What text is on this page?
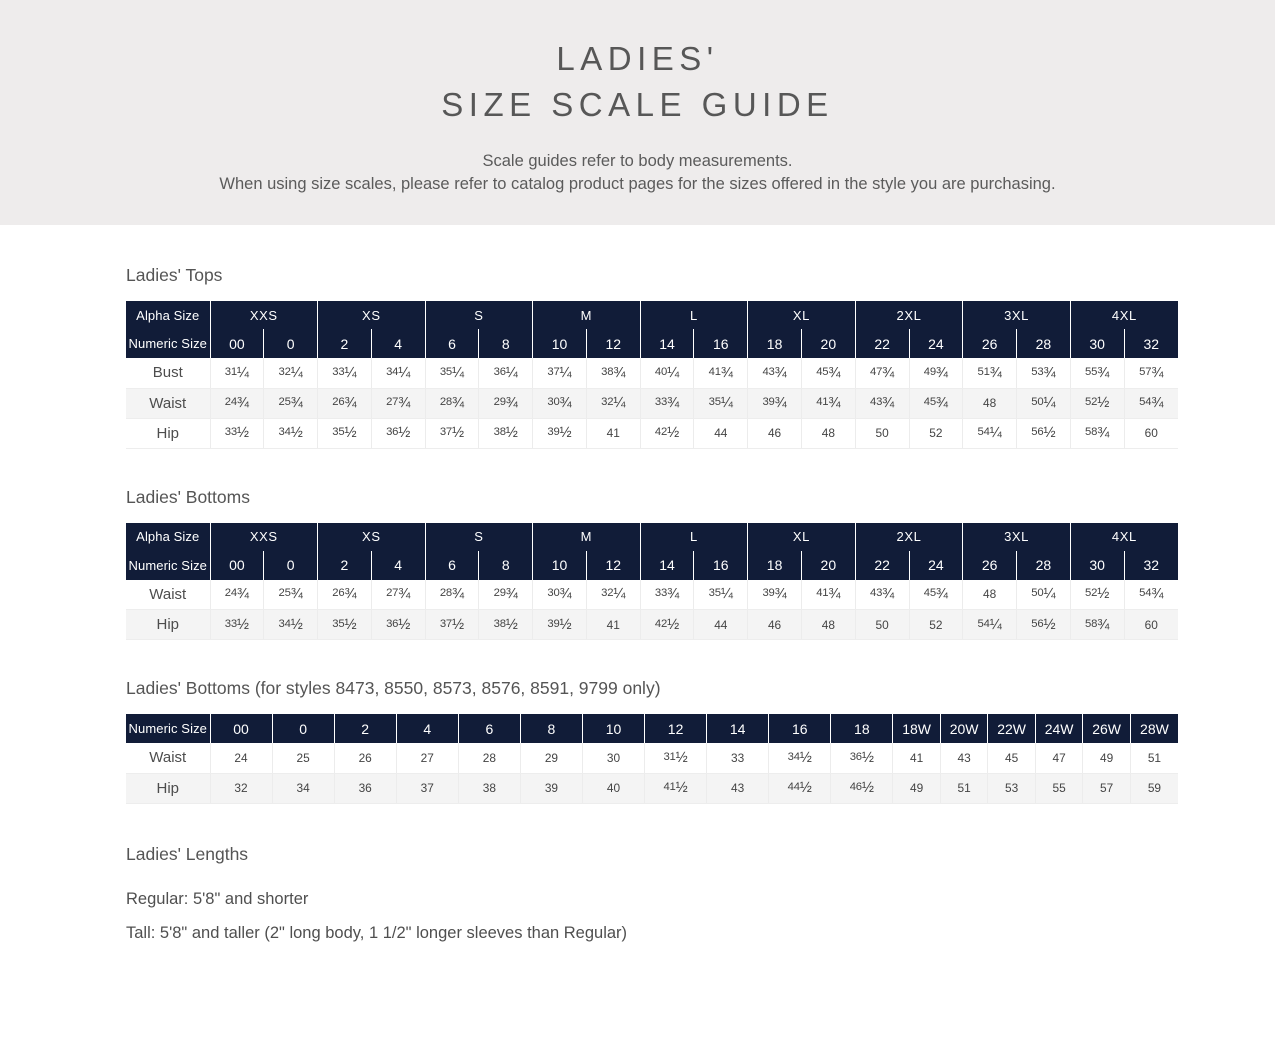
LADIES'
SIZE SCALE GUIDE
Scale guides refer to body measurements.
When using size scales, please refer to catalog product pages for the sizes offered in the style you are purchasing.
Ladies' Tops
Alpha Size	XXS		XS		S		M		L		XL		2XL		3XL		4XL	
Numeric Size	00	0	2	4	6	8	10	12	14	16	18	20	22	24	26	28	30	32
Bust	31¼	32¼	33¼	34¼	35¼	36¼	37¼	38¾	40¼	41¾	43¾	45¾	47¾	49¾	51¾	53¾	55¾	57¾
Waist	24¾	25¾	26¾	27¾	28¾	29¾	30¾	32¼	33¾	35¼	39¾	41¾	43¾	45¾	48	50¼	52½	54¾
Hip	33½	34½	35½	36½	37½	38½	39½	41	42½	44	46	48	50	52	54¼	56½	58¾	60
Ladies' Bottoms
Alpha Size	XXS		XS		S		M		L		XL		2XL		3XL		4XL	
Numeric Size	00	0	2	4	6	8	10	12	14	16	18	20	22	24	26	28	30	32
Waist	24¾	25¾	26¾	27¾	28¾	29¾	30¾	32¼	33¾	35¼	39¾	41¾	43¾	45¾	48	50¼	52½	54¾
Hip	33½	34½	35½	36½	37½	38½	39½	41	42½	44	46	48	50	52	54¼	56½	58¾	60
Ladies' Bottoms (for styles 8473, 8550, 8573, 8576, 8591, 9799 only)
Numeric Size	00	0	2	4	6	8	10	12	14	16	18	18W	20W	22W	24W	26W	28W
Waist	24	25	26	27	28	29	30	31½	33	34½	36½	41	43	45	47	49	51
Hip	32	34	36	37	38	39	40	41½	43	44½	46½	49	51	53	55	57	59
Ladies' Lengths
Regular: 5'8" and shorter
Tall: 5'8" and taller (2" long body, 1 1/2" longer sleeves than Regular)
